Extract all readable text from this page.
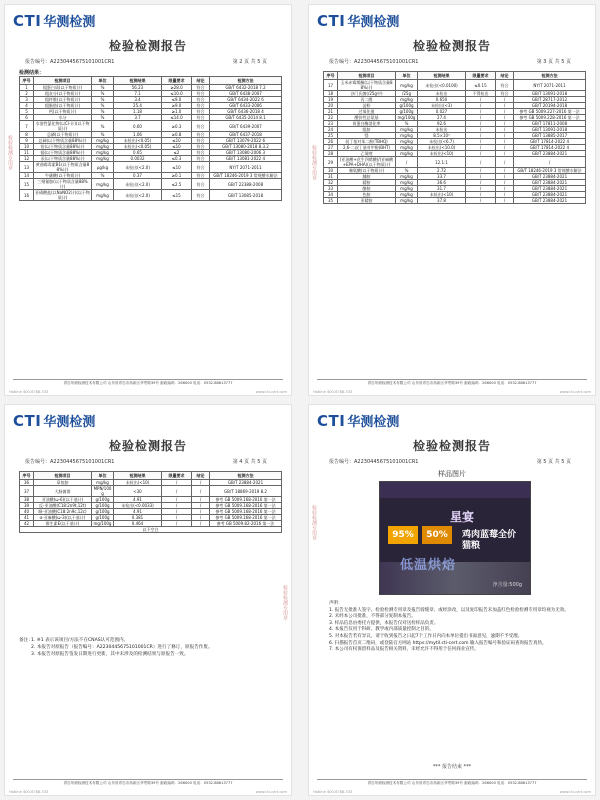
CTI 华测检测
检验检测报告
报告编号：A2230445675101001CR1	第 2 页 共 5 页
检测结果：
序号	检测项目	单位	检测结果	限量要求	结论	检测方法
1	粗蛋白质(以干物质计)	%	56.23	≥28.0	符合	GB/T 6432-2018 7.2
2	粗灰分(以干物质计)	%	7.1	≤10.0	符合	GB/T 6438-2007
3	粗纤维(以干物质计)	%	3.4	≤9.0	符合	GB/T 6434-2022 6
4	粗脂肪(以干物质计)	%	25.4	≥9.0	符合	GB/T 6433-2006
5	钙(以干物质计)	%	1.18	≥1.0	符合	GB/T 6436-2018 4
6	水分	%	3.7	≤14.0	符合	GB/T 6435-2014 8.1
7	水溶性氯化物(以Cl-计)(以干物质计)	%	0.60	≥0.3	符合	GB/T 6439-2007
8	总磷(以干物质计)	%	1.06	≥0.8	符合	GB/T 6437-2018
9	总砷(以干物质含量88%计)	mg/kg	未检出(<0.05)	≤10	符合	GB/T 13079-2022 6
10	铅(以干物质含量88%计)	mg/kg	未检出(<0.05)	≤10	符合	GB/T 13080-2018 8.3.2
11	镉(以干物质含量88%计)	mg/kg	0.65	≤2	符合	GB/T 13080-2006 3
12	汞(以干物质含量88%计)	mg/kg	0.0032	≤0.3	符合	GB/T 13081-2022 4
13	黄曲霉毒素B1(以干物质含量88%计)	μg/kg	未检出(<2.0)	≤10	符合	NY/T 2071-2011
14	牛磺酸(以干物质计)	%	0.37	≥0.1	符合	GB/T 18246-2019 3 常规酸水解法
15	三聚氰胺(以干物质含量88%计)	mg/kg	未检出(<2.0)	≤2.5	符合	GB/T 22388-2008
16	亚硝酸盐(以NaNO2计)(以干物质计)	mg/kg	未检出(<2.0)	≤15	符合	GB/T 13085-2018
青岛华测检测技术有限公司 山东省青岛市高新区华贯路39号 邮政编码：266000 电话：0532-88613777
Hotline 400-6788-333	www.cti-cert.com
检验检测专用章
CTI 华测检测
检验检测报告
报告编号：A2230445675101001CR1	第 3 页 共 5 页
序号	检测项目	单位	检测结果	限量要求	结论	检测方法
17	玉米赤霉烯酮(以干物质含量88%计)	mg/kg	未检出(<0.0100)	≤0.15	符合	NY/T 2071-2011
18	沙门氏菌(/25g中)	/25g	未检出	不得检出	符合	GB/T 13091-2018
19	丙二醛	mg/kg	0.650	/	/	GB/T 28717-2012
20	淀粉	g/100g	未检出(<3)	/	/	GB/T 20194-2018
21	过氧化值	g/100g	0.027	/	/	参考 GB 5009.227-2016 第一法
22	酸价性总氨基	mg/100g	27.4	/	/	参考 GB 5009.228-2016 第一法
23	胃蛋白酶消化率	%	92.6	/	/	GB/T 17811-2008
24	组胺	mg/kg	未检出	/	/	GB/T 13091-2018
25	镁	mg/kg	8.5×10³	/	/	GB/T 13885-2017
26	叔丁基对苯二酚(TBHQ)	mg/kg	未检出(<6.7)	/	/	GB/T 17814-2022 4
27	2,6-二叔丁基对甲酚(BHT)	mg/kg	未检出(<10.0)	/	/	GB/T 17814-2022 4
28	乙氧喹	mg/kg	未检出(<10)	/	/	GB/T 23884-2021
29	(亚油酸+花生四烯酸)/(亚麻酸+EPA+DHA)(以干物质计)	/	12.1:1	/	/	/
30	赖氨酸(以干物质计)	%	2.72	/	/	GB/T 18246-2019 3 常规酸水解法
31	脯胺	mg/kg	33.7	/	/	GB/T 23884-2021
32	精胺	mg/kg	36.6	/	/	GB/T 23884-2021
33	酪胺	mg/kg	31.7	/	/	GB/T 23884-2021
34	色胺	mg/kg	未检出(<10)	/	/	GB/T 23884-2021
35	亚精胺	mg/kg	37.8	/	/	GB/T 23884-2021
青岛华测检测技术有限公司 山东省青岛市高新区华贯路39号 邮政编码：266000 电话：0532-88613777
Hotline 400-6788-333	www.cti-cert.com
检验检测专用章
CTI 华测检测
检验检测报告
报告编号：A2230445675101001CR1	第 4 页 共 5 页
序号	检测项目	单位	检测结果	限量要求	结论	检测方法
36	章鱼胺	mg/kg	未检出(<10)	/	/	GB/T 23884-2021
37	大肠菌群	MPN/100g	<30	/	/	GB/T 18869-2019 8.2
38	亚油酸(ω-6)(以干基计)	g/100g	4.91	/	/	参考 GB 5009.168-2016 第一法
39	反-亚油酸(C18:2n9t,12t)	g/100g	未检出(<0.0033)	/	/	参考 GB 5009.168-2016 第一法
40	顺-亚油酸(C18:2n9c,12c)	g/100g	4.91	/	/	参考 GB 5009.168-2016 第一法
41	α-亚麻酸(ω-3)(以干基计)	g/100g	0.381	/	/	参考 GB 5009.168-2016 第一法
42	维生素E(以干基计)	mg/100g	0.464	/	/	参考 GB 5009.82-2016 第一法
以下空白						
备注：
1. ※1 表示该项目/方法不在CNAS认可范围内。
2. 本报告对原报告（报告编号：A2230445675101001CR）进行了修订，原报告作废。
3. 本报告对原报告签发日期进行更新，其中未涉及的检测结果与原报告一致。
青岛华测检测技术有限公司 山东省青岛市高新区华贯路39号 邮政编码：266000 电话：0532-88613777
Hotline 400-6788-333	www.cti-cert.com
检验检测专用章
CTI 华测检测
检验检测报告
报告编号：A2230445675101001CR1	第 5 页 共 5 页
样品图片
星宴
95%	50%	鸡肉蓝莓全价猫粮
低温烘焙
净含量:500g
声明：
1. 报告无批准人签字、检验检测专用章及报告骑缝章，或经涂改，以及复印报告未加盖红色检验检测专用章均视为无效。
2. 未经本公司批准，不得部分复制本报告。
3. 样品信息由委托方提供，本报告仅对送检样品负责。
4. 本报告仅用于科研、教学或内部质量控制之目的。
5. 对本报告若有异议，请于收到报告之日起7个工作日内向本单位提出书面意见，逾期不予受理。
6. 扫描报告首页二维码，或登陆官方网站 https://mytil.cti-cert.com 输入报告编号和验证码查询报告真伪。
7. 本公司有权保留样品及报告相关资料，未经允许不得用于任何商业宣传。
*** 报告结束 ***
青岛华测检测技术有限公司 山东省青岛市高新区华贯路39号 邮政编码：266000 电话：0532-88613777
Hotline 400-6788-333	www.cti-cert.com
检验检测专用章
